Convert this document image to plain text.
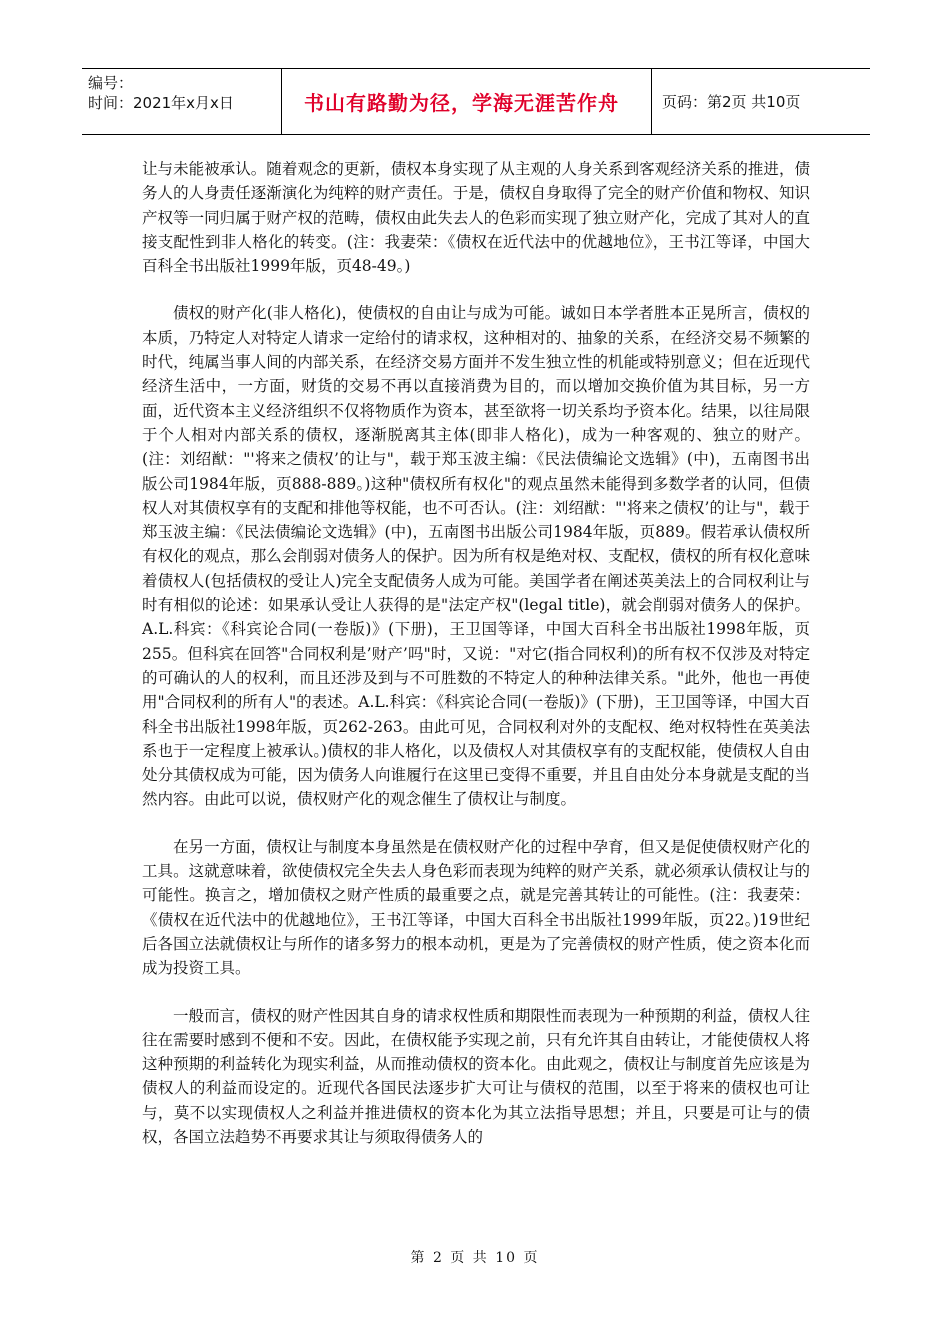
编号：
时间：2021年x月x日	书山有路勤为径，学海无涯苦作舟	页码：第2页 共10页

让与未能被承认。随着观念的更新，债权本身实现了从主观的人身关系到客观经济关系的推进，债务人的人身责任逐渐演化为纯粹的财产责任。于是，债权自身取得了完全的财产价值和物权、知识产权等一同归属于财产权的范畴，债权由此失去人的色彩而实现了独立财产化，完成了其对人的直接支配性到非人格化的转变。(注：我妻荣：《债权在近代法中的优越地位》，王书江等译，中国大百科全书出版社1999年版，页48-49。)

债权的财产化(非人格化)，使债权的自由让与成为可能。诚如日本学者胜本正晃所言，债权的本质，乃特定人对特定人请求一定给付的请求权，这种相对的、抽象的关系，在经济交易不频繁的时代，纯属当事人间的内部关系，在经济交易方面并不发生独立性的机能或特别意义；但在近现代经济生活中，一方面，财货的交易不再以直接消费为目的，而以增加交换价值为其目标，另一方面，近代资本主义经济组织不仅将物质作为资本，甚至欲将一切关系均予资本化。结果，以往局限于个人相对内部关系的债权，逐渐脱离其主体(即非人格化)，成为一种客观的、独立的财产。(注：刘绍猷："'将来之债权’的让与"，载于郑玉波主编：《民法债编论文选辑》(中)，五南图书出版公司1984年版，页888-889。)这种"债权所有权化"的观点虽然未能得到多数学者的认同，但债权人对其债权享有的支配和排他等权能，也不可否认。(注：刘绍猷："'将来之债权’的让与"，载于郑玉波主编：《民法债编论文选辑》(中)，五南图书出版公司1984年版，页889。假若承认债权所有权化的观点，那么会削弱对债务人的保护。因为所有权是绝对权、支配权，债权的所有权化意味着债权人(包括债权的受让人)完全支配债务人成为可能。美国学者在阐述英美法上的合同权利让与时有相似的论述：如果承认受让人获得的是"法定产权"(legal title)，就会削弱对债务人的保护。A.L.科宾：《科宾论合同(一卷版)》(下册)，王卫国等译，中国大百科全书出版社1998年版，页255。但科宾在回答"合同权利是’财产’吗"时，又说："对它(指合同权利)的所有权不仅涉及对特定的可确认的人的权利，而且还涉及到与不可胜数的不特定人的种种法律关系。"此外，他也一再使用"合同权利的所有人"的表述。A.L.科宾：《科宾论合同(一卷版)》(下册)，王卫国等译，中国大百科全书出版社1998年版，页262-263。由此可见，合同权利对外的支配权、绝对权特性在英美法系也于一定程度上被承认。)债权的非人格化，以及债权人对其债权享有的支配权能，使债权人自由处分其债权成为可能，因为债务人向谁履行在这里已变得不重要，并且自由处分本身就是支配的当然内容。由此可以说，债权财产化的观念催生了债权让与制度。

在另一方面，债权让与制度本身虽然是在债权财产化的过程中孕育，但又是促使债权财产化的工具。这就意味着，欲使债权完全失去人身色彩而表现为纯粹的财产关系，就必须承认债权让与的可能性。换言之，增加债权之财产性质的最重要之点，就是完善其转让的可能性。(注：我妻荣：《债权在近代法中的优越地位》，王书江等译，中国大百科全书出版社1999年版，页22。)19世纪后各国立法就债权让与所作的诸多努力的根本动机，更是为了完善债权的财产性质，使之资本化而成为投资工具。

一般而言，债权的财产性因其自身的请求权性质和期限性而表现为一种预期的利益，债权人往往在需要时感到不便和不安。因此，在债权能予实现之前，只有允许其自由转让，才能使债权人将这种预期的利益转化为现实利益，从而推动债权的资本化。由此观之，债权让与制度首先应该是为债权人的利益而设定的。近现代各国民法逐步扩大可让与债权的范围，以至于将来的债权也可让与，莫不以实现债权人之利益并推进债权的资本化为其立法指导思想；并且，只要是可让与的债权，各国立法趋势不再要求其让与须取得债务人的

第 2 页 共 10 页
